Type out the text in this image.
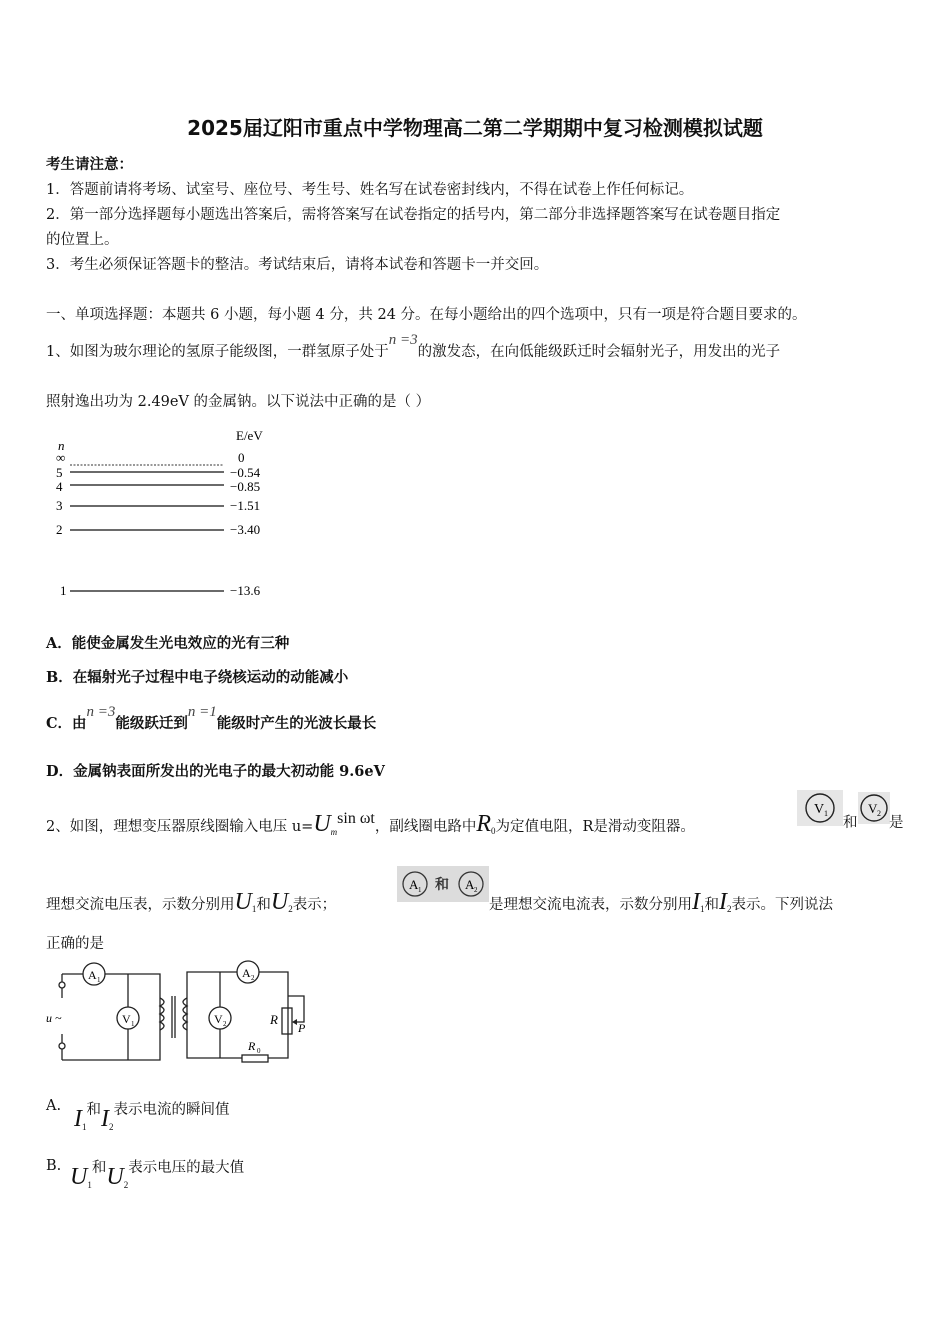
2025届辽阳市重点中学物理高二第二学期期中复习检测模拟试题
考生请注意：
1．答题前请将考场、试室号、座位号、考生号、姓名写在试卷密封线内，不得在试卷上作任何标记。
2．第一部分选择题每小题选出答案后，需将答案写在试卷指定的括号内，第二部分非选择题答案写在试卷题目指定
的位置上。
3．考生必须保证答题卡的整洁。考试结束后，请将本试卷和答题卡一并交回。
一、单项选择题：本题共 6 小题，每小题 4 分，共 24 分。在每小题给出的四个选项中，只有一项是符合题目要求的。
1、如图为玻尔理论的氢原子能级图，一群氢原子处于n =3的激发态，在向低能级跃迁时会辐射光子，用发出的光子
照射逸出功为 2.49eV 的金属钠。以下说法中正确的是（ ）
n
E/eV
∞	0
5	−0.54
4	−0.85
3	−1.51
2	−3.40
1	−13.6
A．能使金属发生光电效应的光有三种
B．在辐射光子过程中电子绕核运动的动能减小
C．由n =3能级跃迁到n =1能级时产生的光波长最长
D．金属钠表面所发出的光电子的最大初动能 9.6eV
2、如图，理想变压器原线圈输入电压 $u=U_m\sin$ ωt，副线圈电路中$R_0$为定值电阻，R是滑动变阻器。
V 1
和
V 2
是
理想交流电压表，示数分别用$U_1$和$U_2$表示；
A 1 和 A 2
是理想交流电流表，示数分别用$I_1$和$I_2$表示。下列说法
正确的是
A 1
V 1
A 2
V 2
u ~	R
P
R 0
A. $I_1$和$I_2$表示电流的瞬间值
B. $U_1$和$U_2$表示电压的最大值
